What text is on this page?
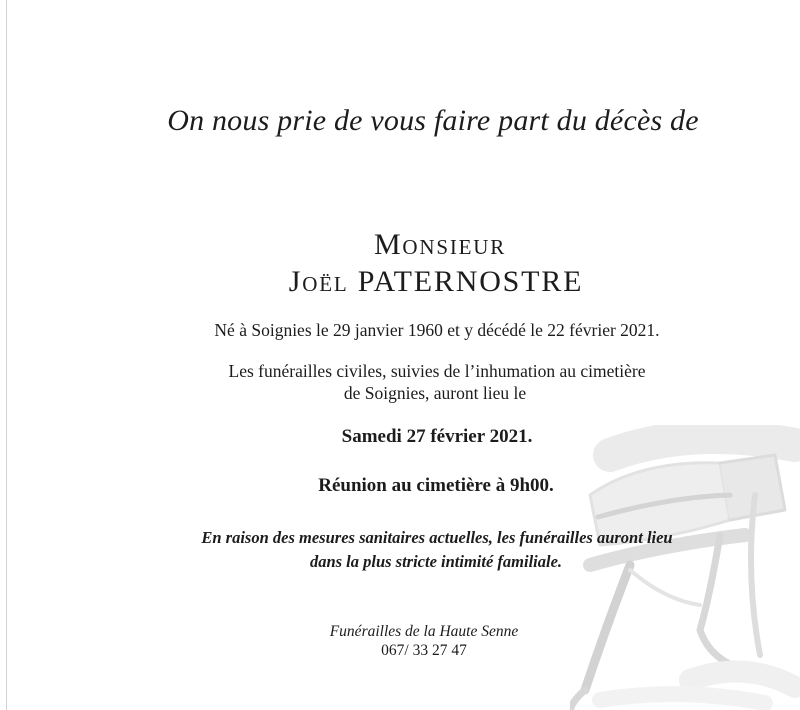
On nous prie de vous faire part du décès de
Monsieur
Joël PATERNOSTRE
Né à Soignies le 29 janvier 1960 et y décédé le 22 février 2021.
Les funérailles civiles, suivies de l’inhumation au cimetière
de Soignies, auront lieu le
Samedi 27 février 2021.
Réunion au cimetière à 9h00.
En raison des mesures sanitaires actuelles, les funérailles auront lieu
dans la plus stricte intimité familiale.
Funérailles de la Haute Senne
067/ 33 27 47
